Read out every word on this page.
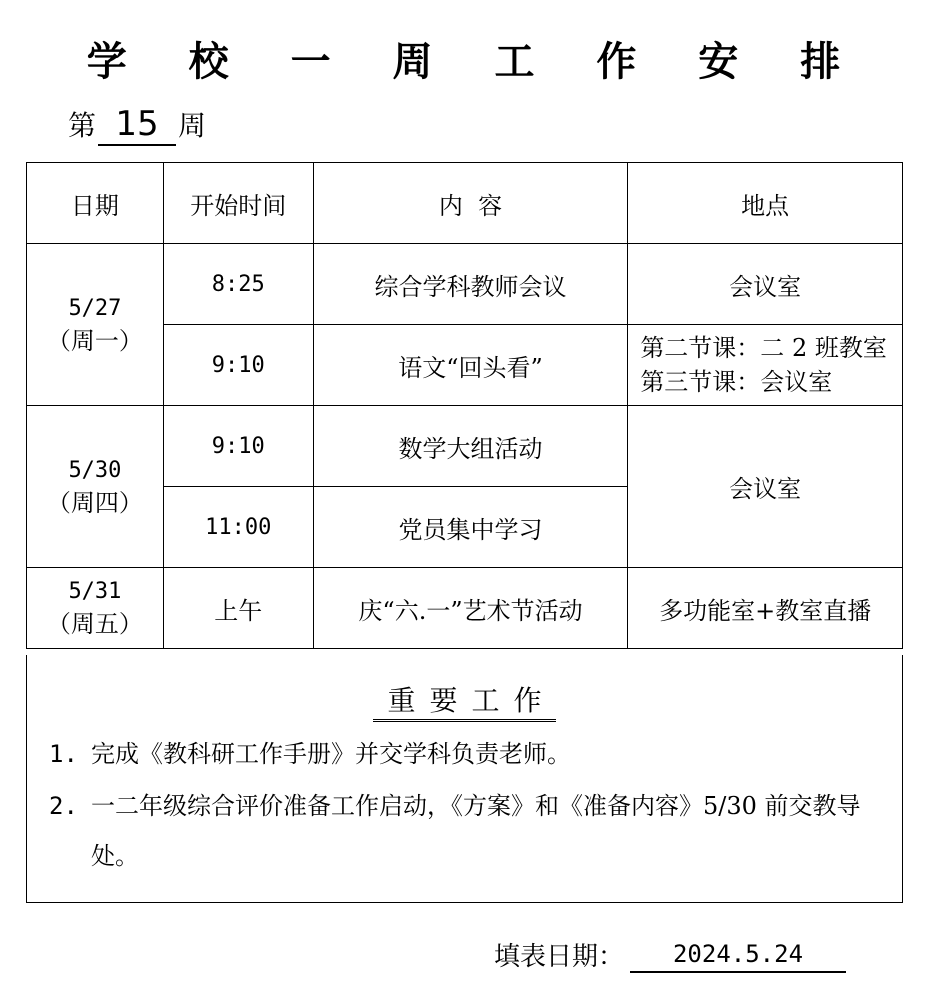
学 校 一 周 工 作 安 排
第 15 周
日期	开始时间	内  容	地点

5/27
（周一）	8:25	综合学科教师会议	会议室
	9:10	语文“回头看”	第二节课：二 2 班教室
第三节课：会议室

5/30
（周四）	9:10	数学大组活动	会议室
	11:00	党员集中学习	

5/31
（周五）	上午	庆“六.一”艺术节活动	多功能室+教室直播
重要工作
1. 完成《教科研工作手册》并交学科负责老师。
2. 一二年级综合评价准备工作启动，《方案》和《准备内容》5/30 前交教导处。
填表日期：	2024.5.24
